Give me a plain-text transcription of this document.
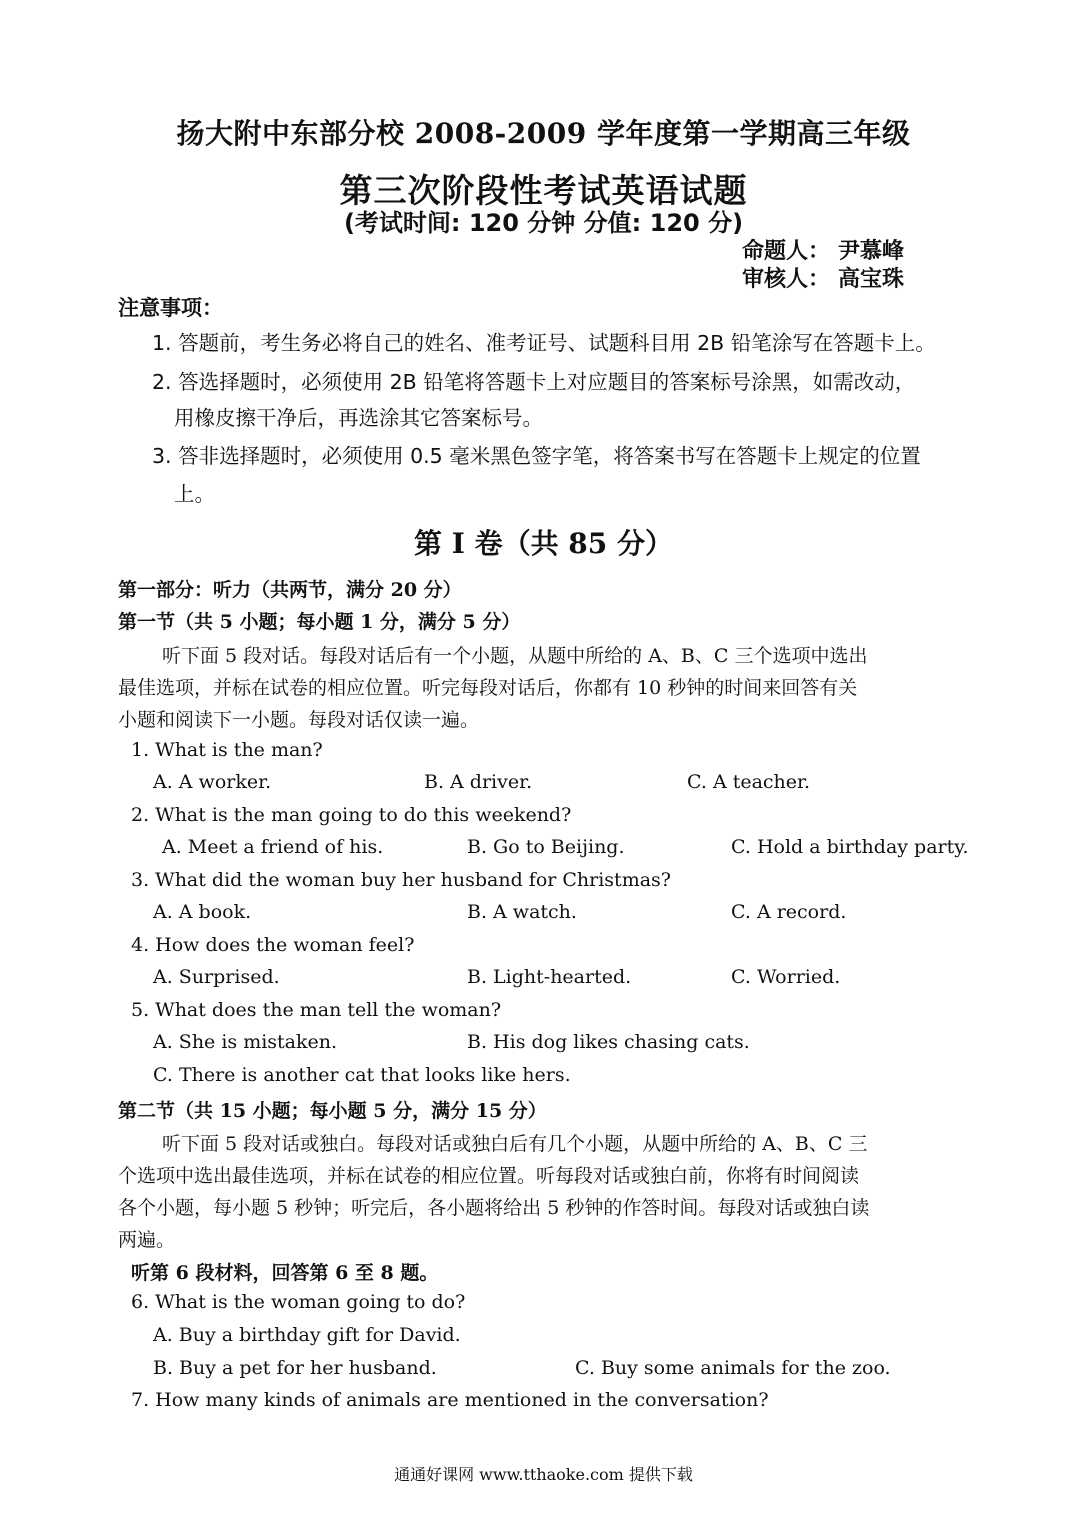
扬大附中东部分校 2008-2009 学年度第一学期高三年级
第三次阶段性考试英语试题
(考试时间: 120 分钟 分值: 120 分)
命题人： 尹慕峰
审核人： 高宝珠
注意事项：
1. 答题前，考生务必将自己的姓名、准考证号、试题科目用 2B 铅笔涂写在答题卡上。
2. 答选择题时，必须使用 2B 铅笔将答题卡上对应题目的答案标号涂黑，如需改动，
用橡皮擦干净后，再选涂其它答案标号。
3. 答非选择题时，必须使用 0.5 毫米黑色签字笔，将答案书写在答题卡上规定的位置
上。
第 I 卷（共 85 分）
第一部分：听力（共两节，满分 20 分）
第一节（共 5 小题；每小题 1 分，满分 5 分）
听下面 5 段对话。每段对话后有一个小题，从题中所给的 A、B、C 三个选项中选出
最佳选项，并标在试卷的相应位置。听完每段对话后，你都有 10 秒钟的时间来回答有关
小题和阅读下一小题。每段对话仅读一遍。
1. What is the man?
A. A worker.	B. A driver.	C. A teacher.
2. What is the man going to do this weekend?
A. Meet a friend of his.	B. Go to Beijing.	C. Hold a birthday party.
3. What did the woman buy her husband for Christmas?
A. A book.	B. A watch.	C. A record.
4. How does the woman feel?
A. Surprised.	B. Light-hearted.	C. Worried.
5. What does the man tell the woman?
A. She is mistaken.	B. His dog likes chasing cats.
C. There is another cat that looks like hers.
第二节（共 15 小题；每小题 5 分，满分 15 分）
听下面 5 段对话或独白。每段对话或独白后有几个小题，从题中所给的 A、B、C 三
个选项中选出最佳选项，并标在试卷的相应位置。听每段对话或独白前，你将有时间阅读
各个小题，每小题 5 秒钟；听完后，各小题将给出 5 秒钟的作答时间。每段对话或独白读
两遍。
听第 6 段材料，回答第 6 至 8 题。
6. What is the woman going to do?
A. Buy a birthday gift for David.
B. Buy a pet for her husband.	C. Buy some animals for the zoo.
7. How many kinds of animals are mentioned in the conversation?
通通好课网 www.tthaoke.com 提供下载
